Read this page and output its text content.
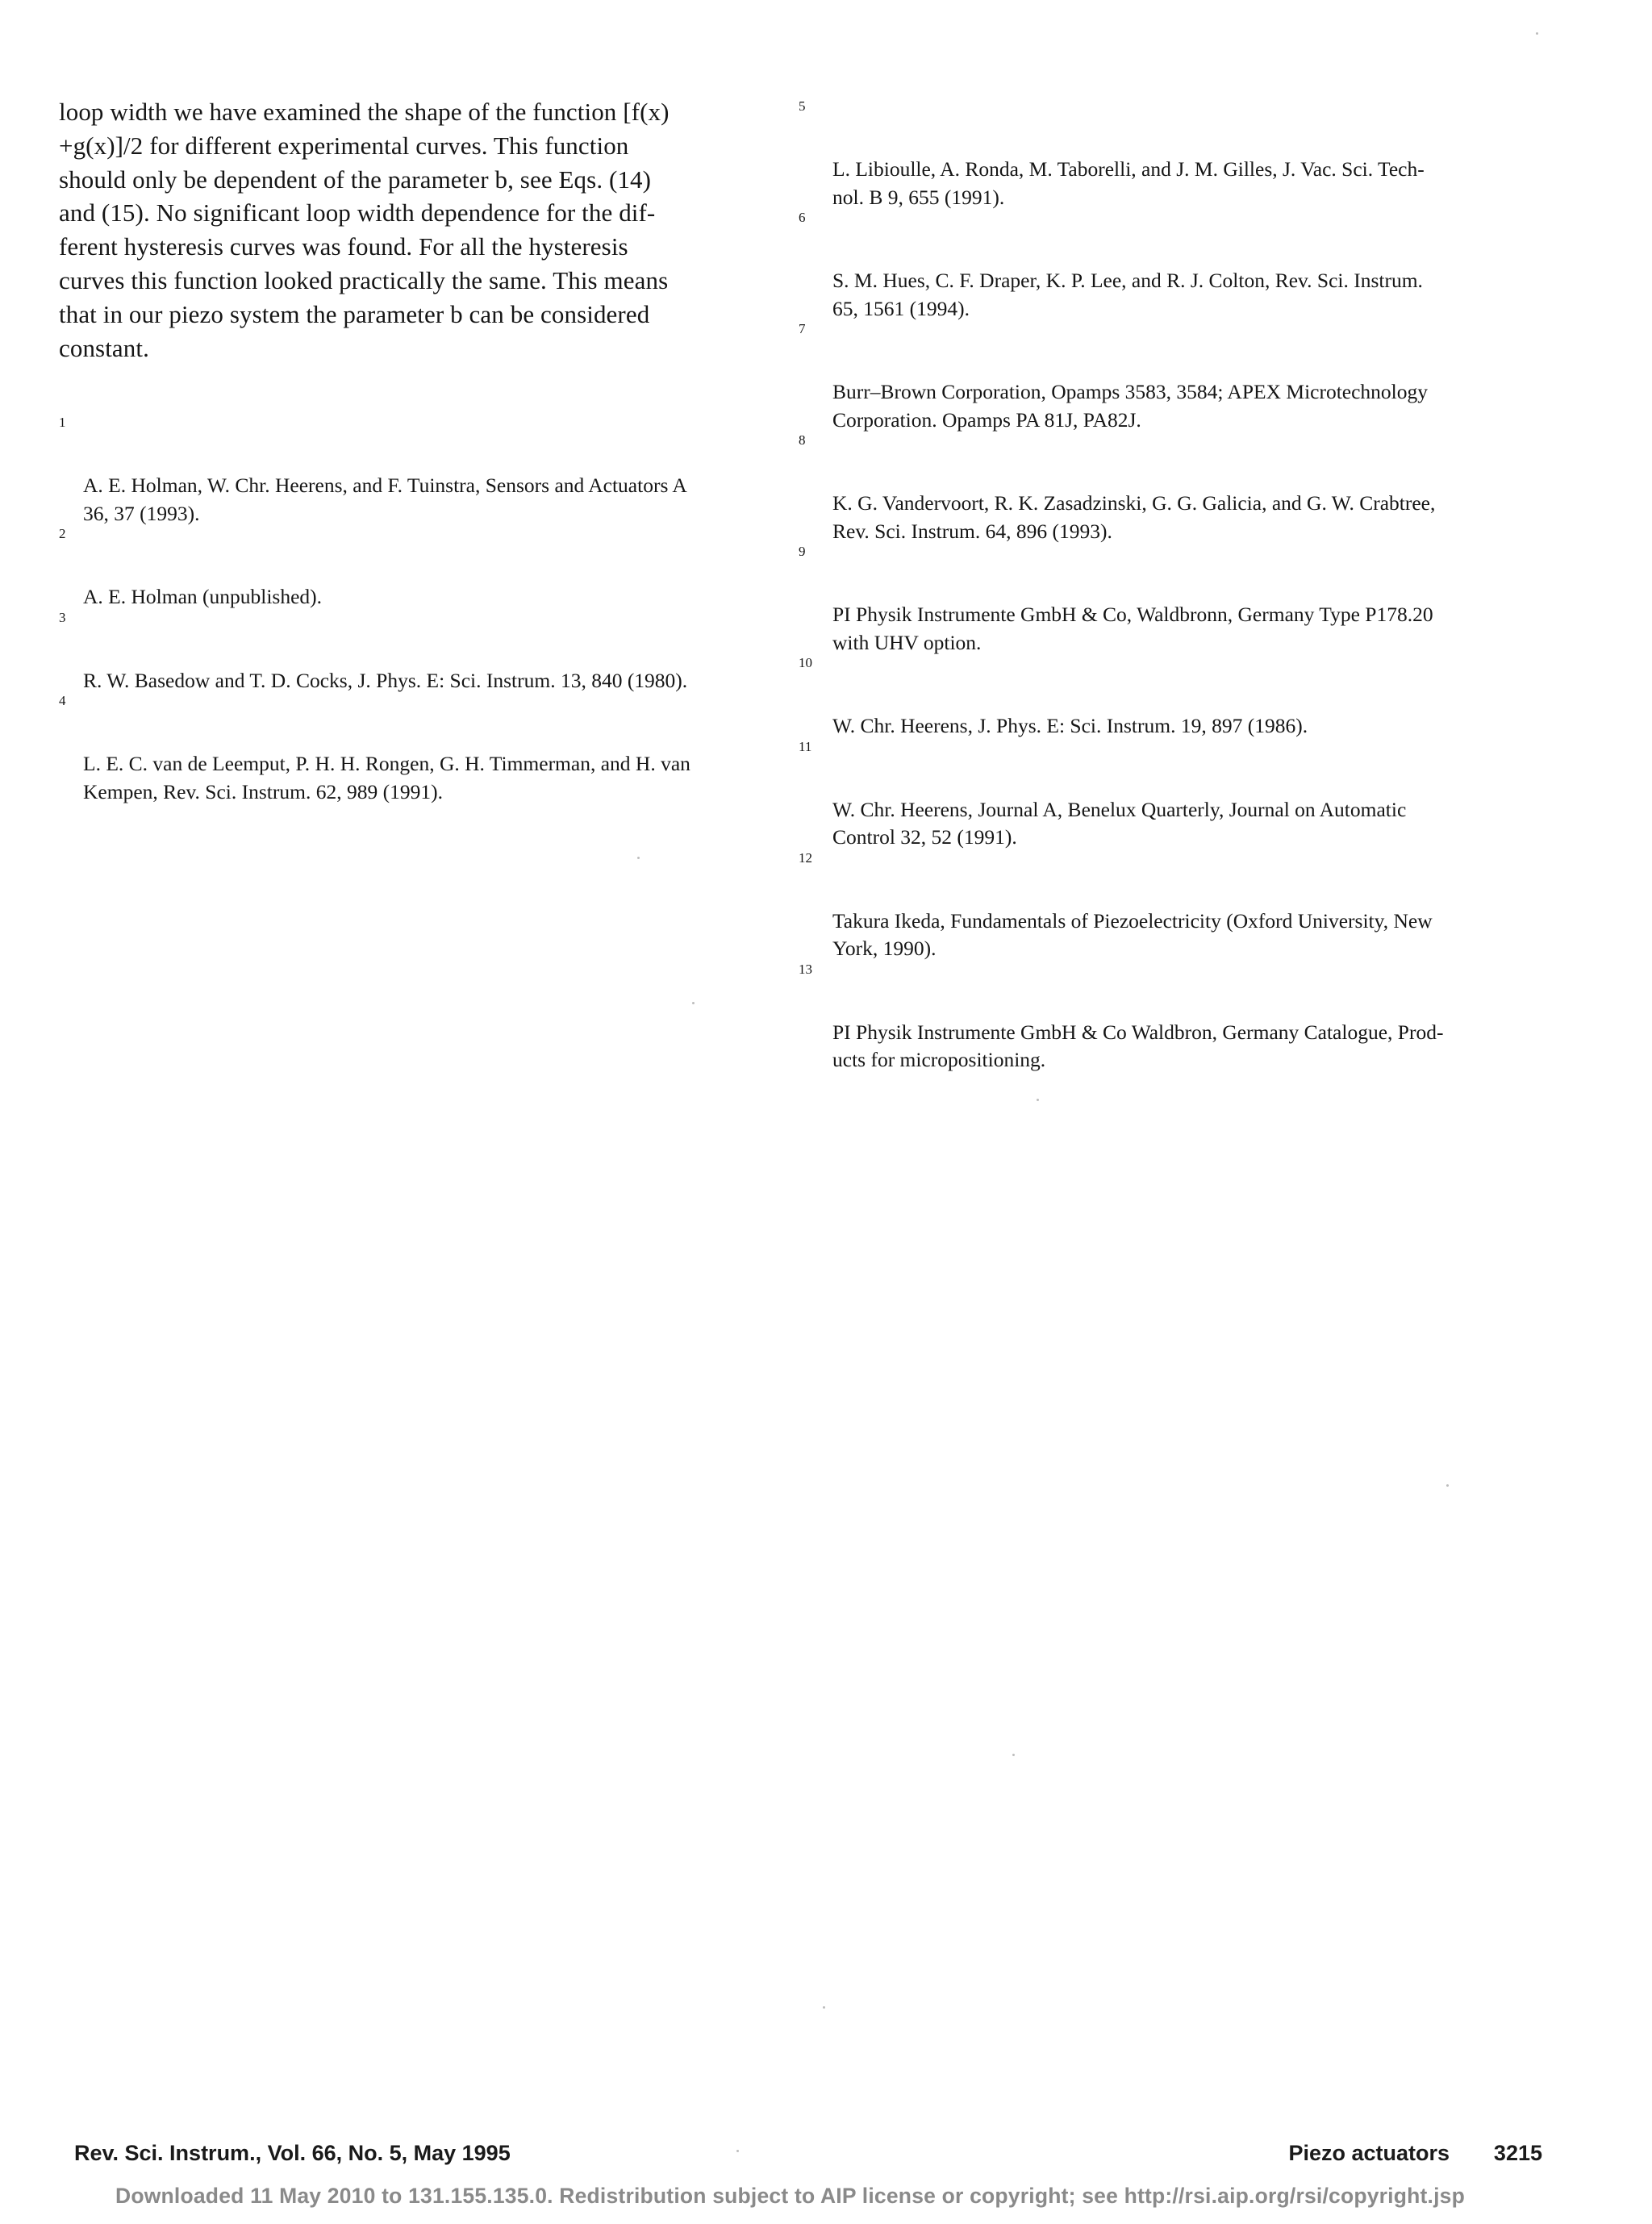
loop width we have examined the shape of the function [f(x)
+g(x)]/2 for different experimental curves. This function
should only be dependent of the parameter b, see Eqs. (14)
and (15). No significant loop width dependence for the dif-
ferent hysteresis curves was found. For all the hysteresis
curves this function looked practically the same. This means
that in our piezo system the parameter b can be considered
constant.

1

A. E. Holman, W. Chr. Heerens, and F. Tuinstra, Sensors and Actuators A
36, 37 (1993).

2

A. E. Holman (unpublished).

3

R. W. Basedow and T. D. Cocks, J. Phys. E: Sci. Instrum. 13, 840 (1980).

4

L. E. C. van de Leemput, P. H. H. Rongen, G. H. Timmerman, and H. van
Kempen, Rev. Sci. Instrum. 62, 989 (1991).

5

L. Libioulle, A. Ronda, M. Taborelli, and J. M. Gilles, J. Vac. Sci. Tech-
nol. B 9, 655 (1991).

6

S. M. Hues, C. F. Draper, K. P. Lee, and R. J. Colton, Rev. Sci. Instrum.
65, 1561 (1994).

7

Burr–Brown Corporation, Opamps 3583, 3584; APEX Microtechnology
Corporation. Opamps PA 81J, PA82J.

8

K. G. Vandervoort, R. K. Zasadzinski, G. G. Galicia, and G. W. Crabtree,
Rev. Sci. Instrum. 64, 896 (1993).

9

PI Physik Instrumente GmbH & Co, Waldbronn, Germany Type P178.20
with UHV option.

10

W. Chr. Heerens, J. Phys. E: Sci. Instrum. 19, 897 (1986).

11

W. Chr. Heerens, Journal A, Benelux Quarterly, Journal on Automatic
Control 32, 52 (1991).

12

Takura Ikeda, Fundamentals of Piezoelectricity (Oxford University, New
York, 1990).

13

PI Physik Instrumente GmbH & Co Waldbron, Germany Catalogue, Prod-
ucts for micropositioning.

Rev. Sci. Instrum., Vol. 66, No. 5, May 1995	Piezo actuators 3215
Downloaded 11 May 2010 to 131.155.135.0. Redistribution subject to AIP license or copyright; see http://rsi.aip.org/rsi/copyright.jsp
